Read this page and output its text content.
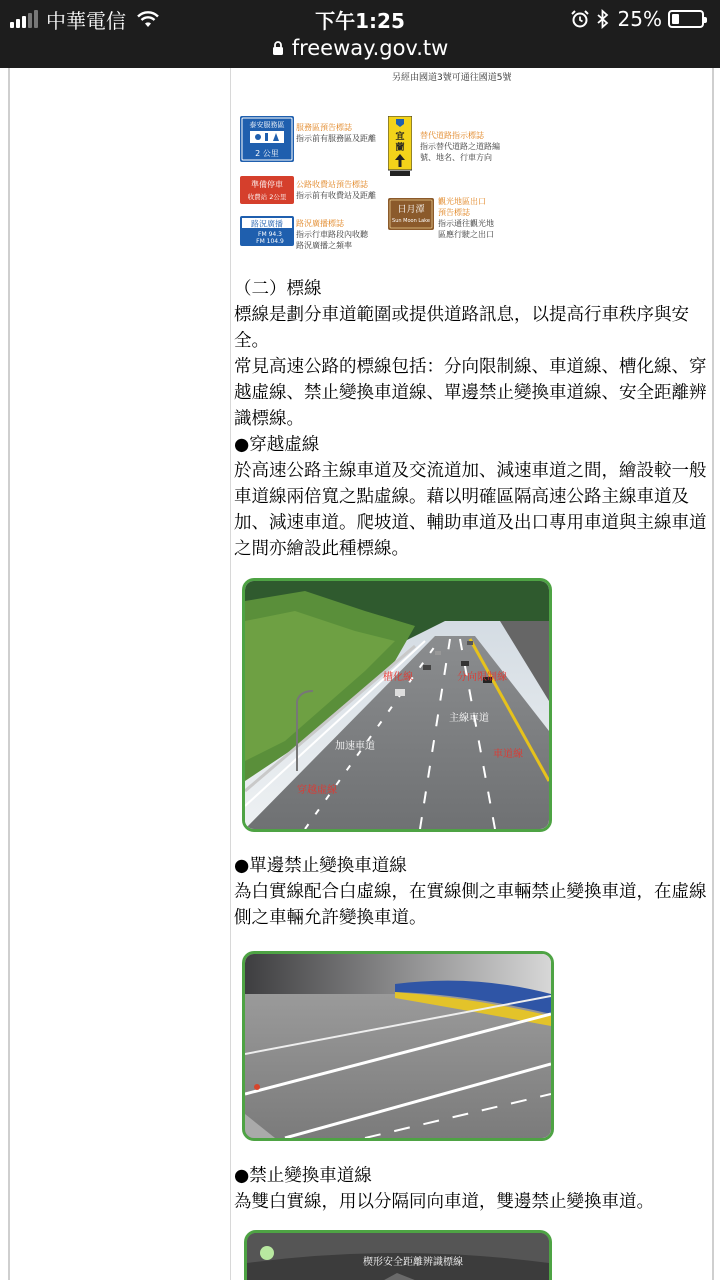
中華電信	下午1:25	25%
freeway.gov.tw
另經由國道3號可通往國道5號
泰安服務區
2 公里
服務區預告標誌
指示前有服務區及距離 宜
蘭
替代道路指示標誌
指示替代道路之道路編
號、地名、行車方向
準備停車
收費站 2公里
公路收費站預告標誌
指示前有收費站及距離
路況廣播
FM 94.3
FM 104.9
路況廣播標誌
指示行車路段內收聽
路況廣播之頻率
日月潭
Sun Moon Lake
觀光地區出口
預告標誌
指示通往觀光地
區應行駛之出口

（二）標線

標線是劃分車道範圍或提供道路訊息，以提高行車秩序與安全。

常見高速公路的標線包括：分向限制線、車道線、槽化線、穿越虛線、禁止變換車道線、單邊禁止變換車道線、安全距離辨識標線。

●穿越虛線

於高速公路主線車道及交流道加、減速車道之間，繪設較一般車道線兩倍寬之點虛線。藉以明確區隔高速公路主線車道及加、減速車道。爬坡道、輔助車道及出口專用車道與主線車道之間亦繪設此種標線。

槽化線	分向限制線
主線車道
加速車道
車道線
穿越虛線

●單邊禁止變換車道線

為白實線配合白虛線，在實線側之車輛禁止變換車道，在虛線側之車輛允許變換車道。

●禁止變換車道線

為雙白實線，用以分隔同向車道，雙邊禁止變換車道。

楔形安全距離辨識標線
